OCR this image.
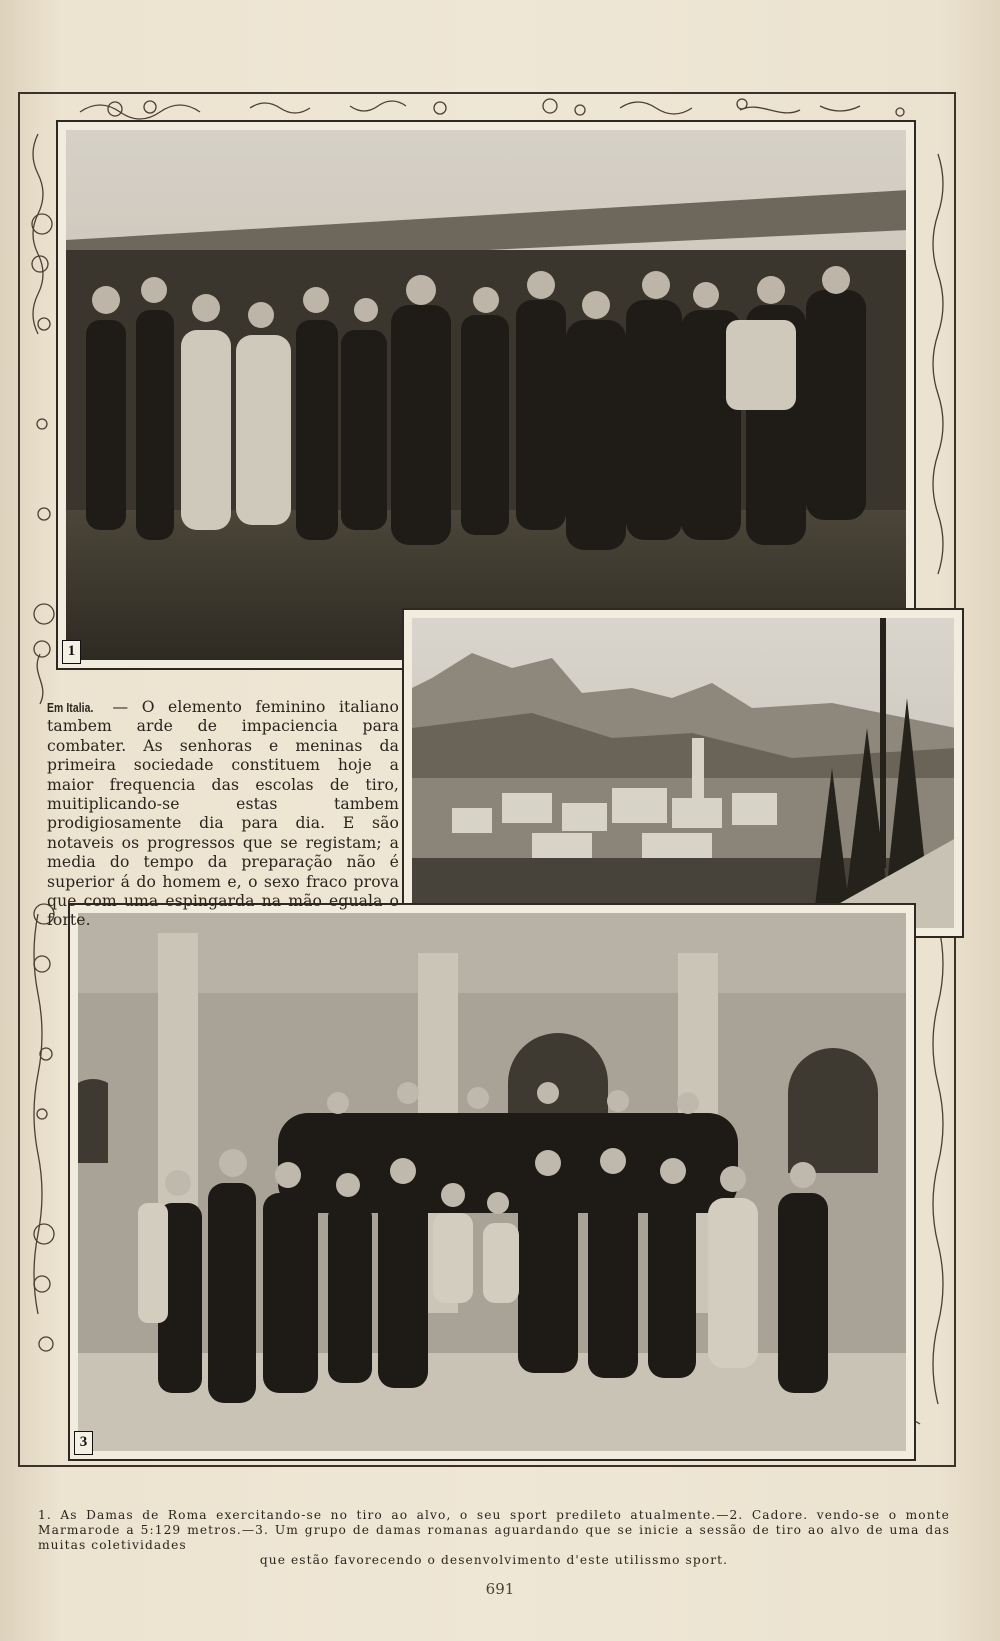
1
3
Em Italia. — O elemento feminino italiano tambem arde de impaciencia para combater. As senhoras e meninas da primeira sociedade constituem hoje a maior frequencia das escolas de tiro, muitiplicando-se estas tambem prodigiosamente dia para dia. E são notaveis os progressos que se registam; a media do tempo da preparação não é superior á do homem e, o sexo fraco prova que com uma espingarda na mão eguala o forte.
1. As Damas de Roma exercitando-se no tiro ao alvo, o seu sport predileto atualmente.—2. Cadore. vendo-se o monte Marmarode a 5:129 metros.—3. Um grupo de damas romanas aguardando que se inicie a sessão de tiro ao alvo de uma das muitas coletividades
que estão favorecendo o desenvolvimento d'este utilissmo sport.
691
